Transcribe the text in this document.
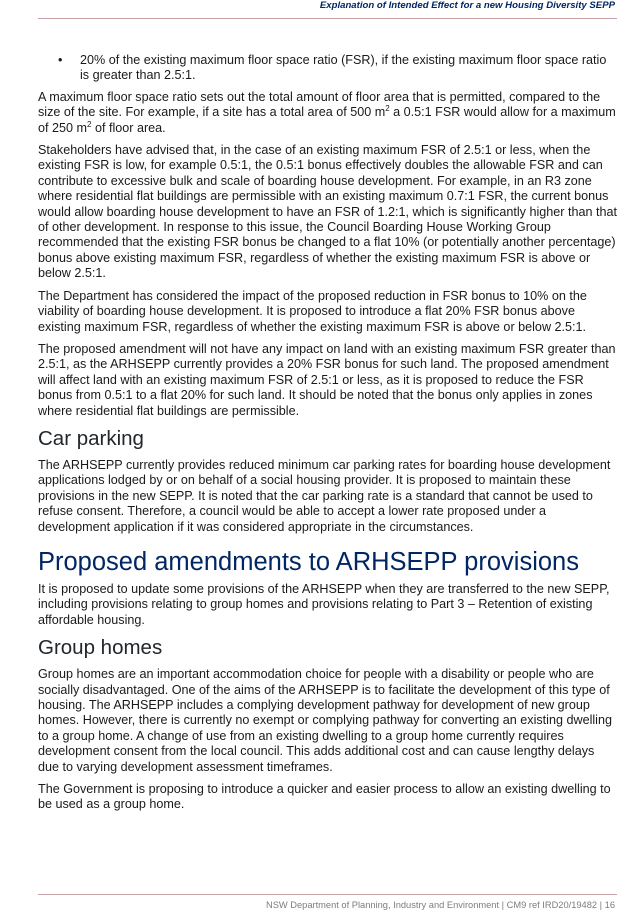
Explanation of Intended Effect for a new Housing Diversity SEPP
• 20% of the existing maximum floor space ratio (FSR), if the existing maximum floor space ratio is greater than 2.5:1.

A maximum floor space ratio sets out the total amount of floor area that is permitted, compared to the size of the site. For example, if a site has a total area of 500 $m^2$ a 0.5:1 FSR would allow for a maximum of 250 $m^2$ of floor area.

Stakeholders have advised that, in the case of an existing maximum FSR of 2.5:1 or less, when the existing FSR is low, for example 0.5:1, the 0.5:1 bonus effectively doubles the allowable FSR and can contribute to excessive bulk and scale of boarding house development. For example, in an R3 zone where residential flat buildings are permissible with an existing maximum 0.7:1 FSR, the current bonus would allow boarding house development to have an FSR of 1.2:1, which is significantly higher than that of other development. In response to this issue, the Council Boarding House Working Group recommended that the existing FSR bonus be changed to a flat 10% (or potentially another percentage) bonus above existing maximum FSR, regardless of whether the existing maximum FSR is above or below 2.5:1.

The Department has considered the impact of the proposed reduction in FSR bonus to 10% on the viability of boarding house development. It is proposed to introduce a flat 20% FSR bonus above existing maximum FSR, regardless of whether the existing maximum FSR is above or below 2.5:1.

The proposed amendment will not have any impact on land with an existing maximum FSR greater than 2.5:1, as the ARHSEPP currently provides a 20% FSR bonus for such land. The proposed amendment will affect land with an existing maximum FSR of 2.5:1 or less, as it is proposed to reduce the FSR bonus from 0.5:1 to a flat 20% for such land. It should be noted that the bonus only applies in zones where residential flat buildings are permissible.

Car parking

The ARHSEPP currently provides reduced minimum car parking rates for boarding house development applications lodged by or on behalf of a social housing provider. It is proposed to maintain these provisions in the new SEPP. It is noted that the car parking rate is a standard that cannot be used to refuse consent. Therefore, a council would be able to accept a lower rate proposed under a development application if it was considered appropriate in the circumstances.

Proposed amendments to ARHSEPP provisions

It is proposed to update some provisions of the ARHSEPP when they are transferred to the new SEPP, including provisions relating to group homes and provisions relating to Part 3 – Retention of existing affordable housing.

Group homes

Group homes are an important accommodation choice for people with a disability or people who are socially disadvantaged. One of the aims of the ARHSEPP is to facilitate the development of this type of housing. The ARHSEPP includes a complying development pathway for development of new group homes. However, there is currently no exempt or complying pathway for converting an existing dwelling to a group home. A change of use from an existing dwelling to a group home currently requires development consent from the local council. This adds additional cost and can cause lengthy delays due to varying development assessment timeframes.

The Government is proposing to introduce a quicker and easier process to allow an existing dwelling to be used as a group home.

NSW Department of Planning, Industry and Environment | CM9 ref IRD20/19482 | 16
